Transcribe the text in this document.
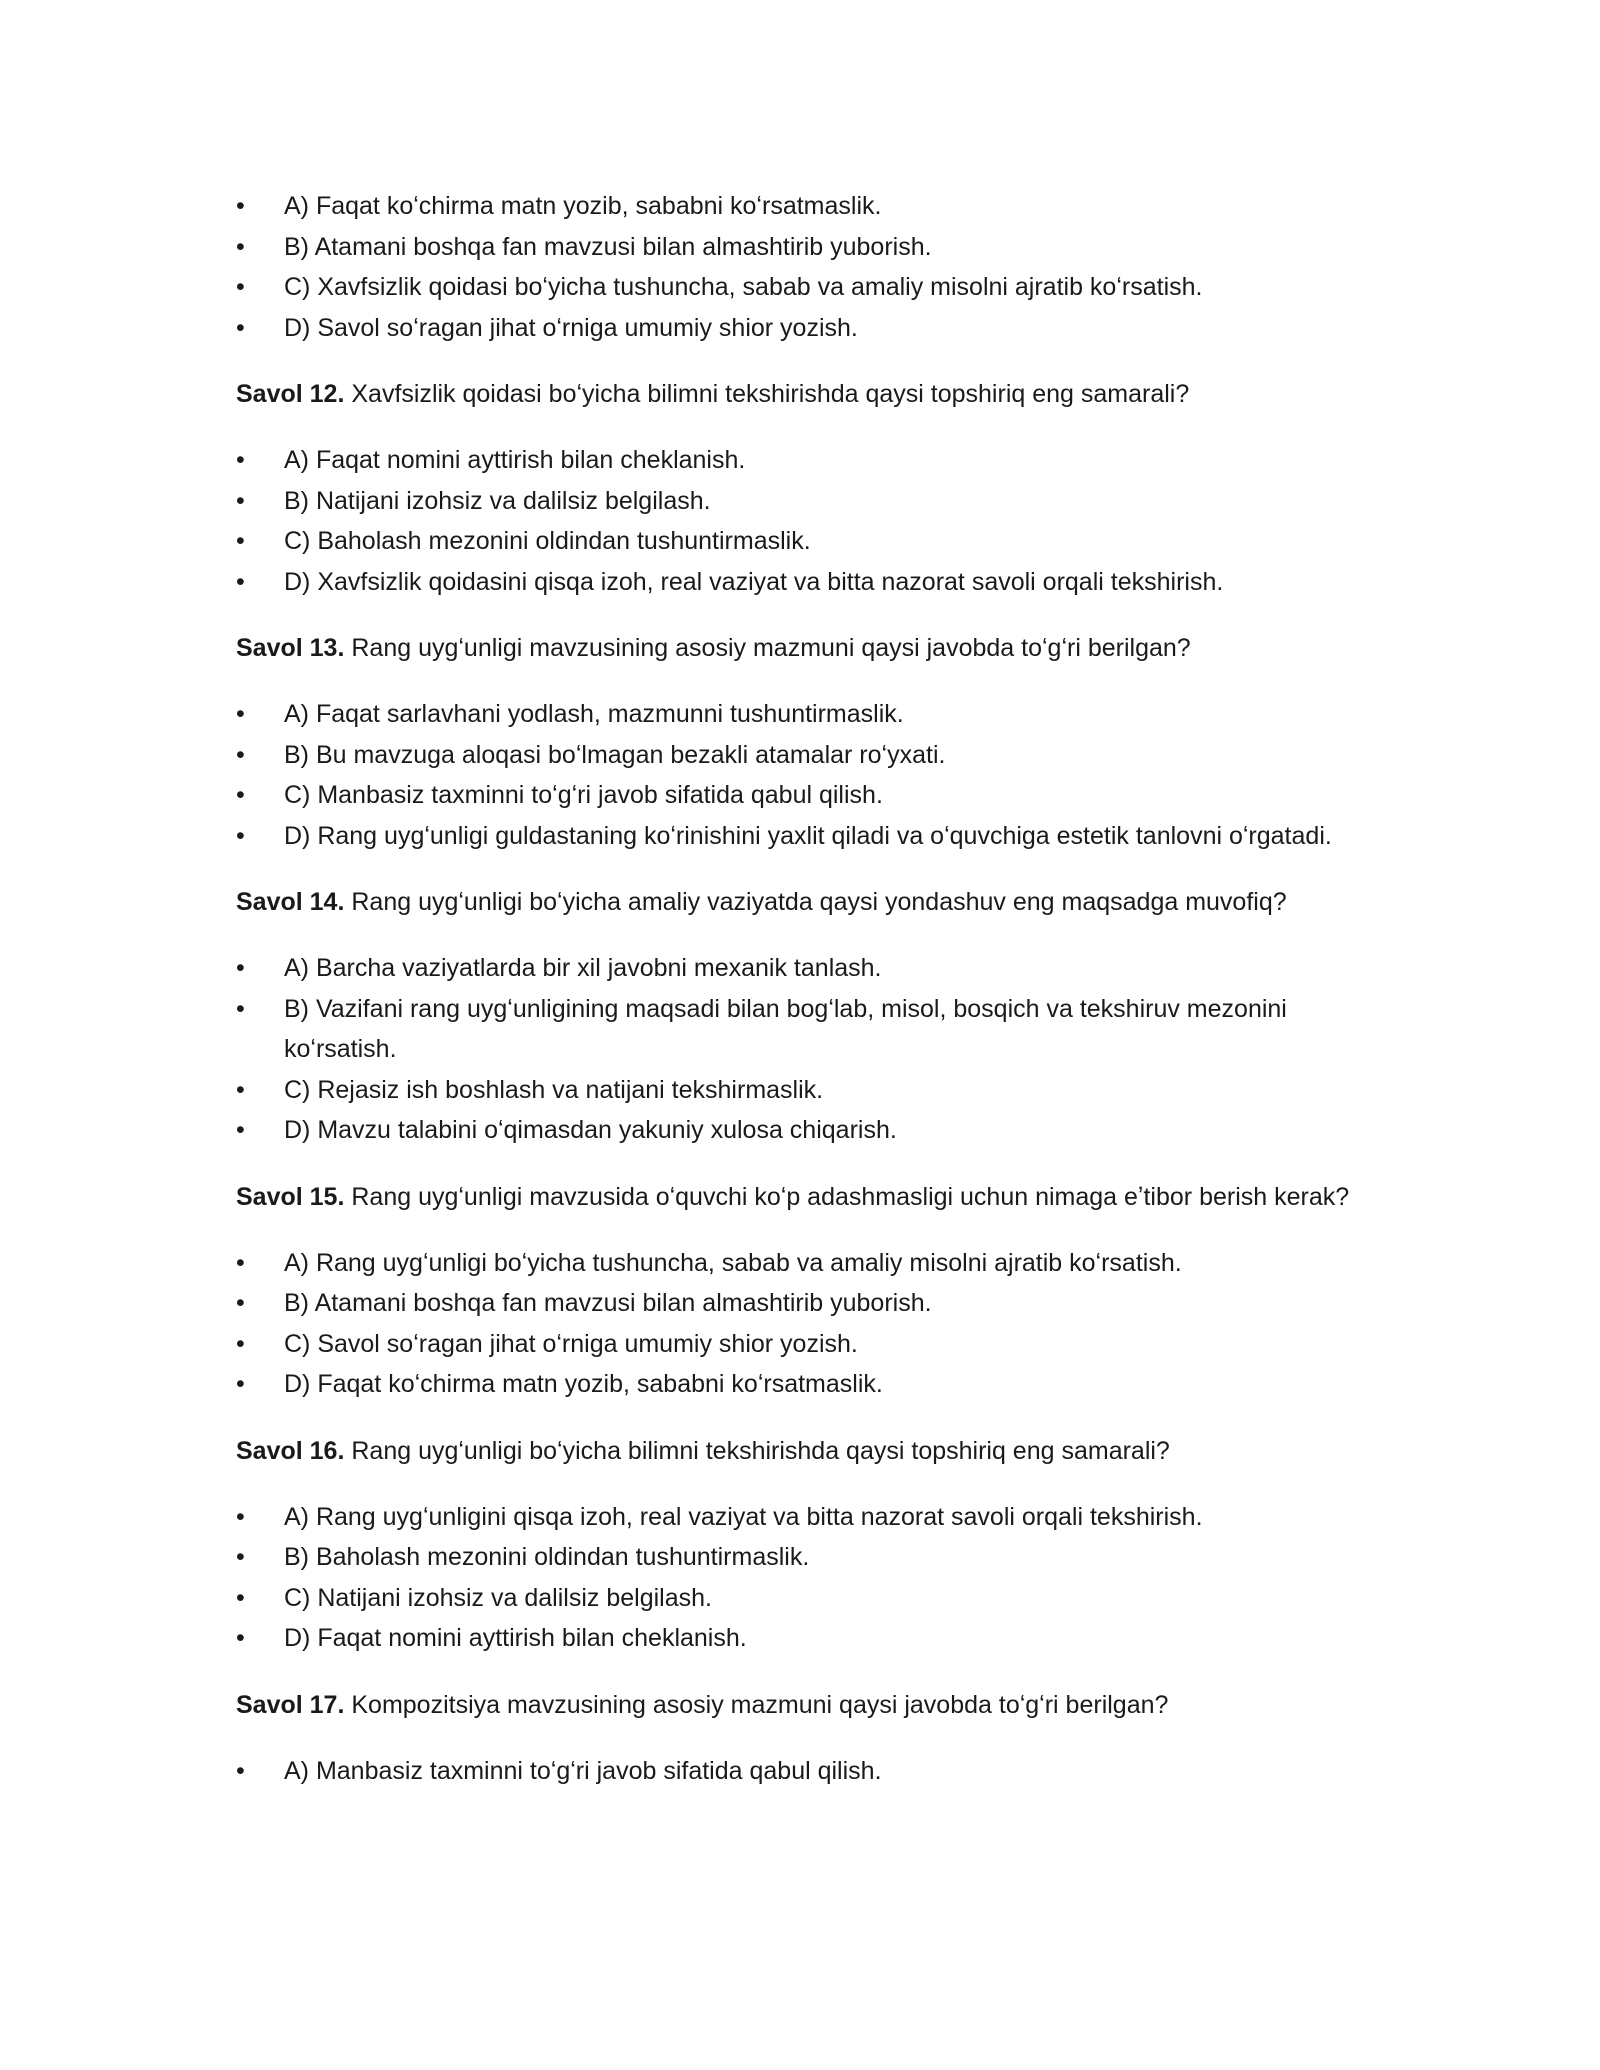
•	A) Faqat koʻchirma matn yozib, sababni koʻrsatmaslik.
•	B) Atamani boshqa fan mavzusi bilan almashtirib yuborish.
•	C) Xavfsizlik qoidasi boʻyicha tushuncha, sabab va amaliy misolni ajratib koʻrsatish.
•	D) Savol soʻragan jihat oʻrniga umumiy shior yozish.

Savol 12. Xavfsizlik qoidasi boʻyicha bilimni tekshirishda qaysi topshiriq eng samarali?

•	A) Faqat nomini ayttirish bilan cheklanish.
•	B) Natijani izohsiz va dalilsiz belgilash.
•	C) Baholash mezonini oldindan tushuntirmaslik.
•	D) Xavfsizlik qoidasini qisqa izoh, real vaziyat va bitta nazorat savoli orqali tekshirish.

Savol 13. Rang uygʻunligi mavzusining asosiy mazmuni qaysi javobda toʻgʻri berilgan?

•	A) Faqat sarlavhani yodlash, mazmunni tushuntirmaslik.
•	B) Bu mavzuga aloqasi boʻlmagan bezakli atamalar roʻyxati.
•	C) Manbasiz taxminni toʻgʻri javob sifatida qabul qilish.
•	D) Rang uygʻunligi guldastaning koʻrinishini yaxlit qiladi va oʻquvchiga estetik tanlovni oʻrgatadi.

Savol 14. Rang uygʻunligi boʻyicha amaliy vaziyatda qaysi yondashuv eng maqsadga muvofiq?

•	A) Barcha vaziyatlarda bir xil javobni mexanik tanlash.
•	B) Vazifani rang uygʻunligining maqsadi bilan bogʻlab, misol, bosqich va tekshiruv mezonini koʻrsatish.
•	C) Rejasiz ish boshlash va natijani tekshirmaslik.
•	D) Mavzu talabini oʻqimasdan yakuniy xulosa chiqarish.

Savol 15. Rang uygʻunligi mavzusida oʻquvchi koʻp adashmasligi uchun nimaga eʼtibor berish kerak?

•	A) Rang uygʻunligi boʻyicha tushuncha, sabab va amaliy misolni ajratib koʻrsatish.
•	B) Atamani boshqa fan mavzusi bilan almashtirib yuborish.
•	C) Savol soʻragan jihat oʻrniga umumiy shior yozish.
•	D) Faqat koʻchirma matn yozib, sababni koʻrsatmaslik.

Savol 16. Rang uygʻunligi boʻyicha bilimni tekshirishda qaysi topshiriq eng samarali?

•	A) Rang uygʻunligini qisqa izoh, real vaziyat va bitta nazorat savoli orqali tekshirish.
•	B) Baholash mezonini oldindan tushuntirmaslik.
•	C) Natijani izohsiz va dalilsiz belgilash.
•	D) Faqat nomini ayttirish bilan cheklanish.

Savol 17. Kompozitsiya mavzusining asosiy mazmuni qaysi javobda toʻgʻri berilgan?

•	A) Manbasiz taxminni toʻgʻri javob sifatida qabul qilish.
